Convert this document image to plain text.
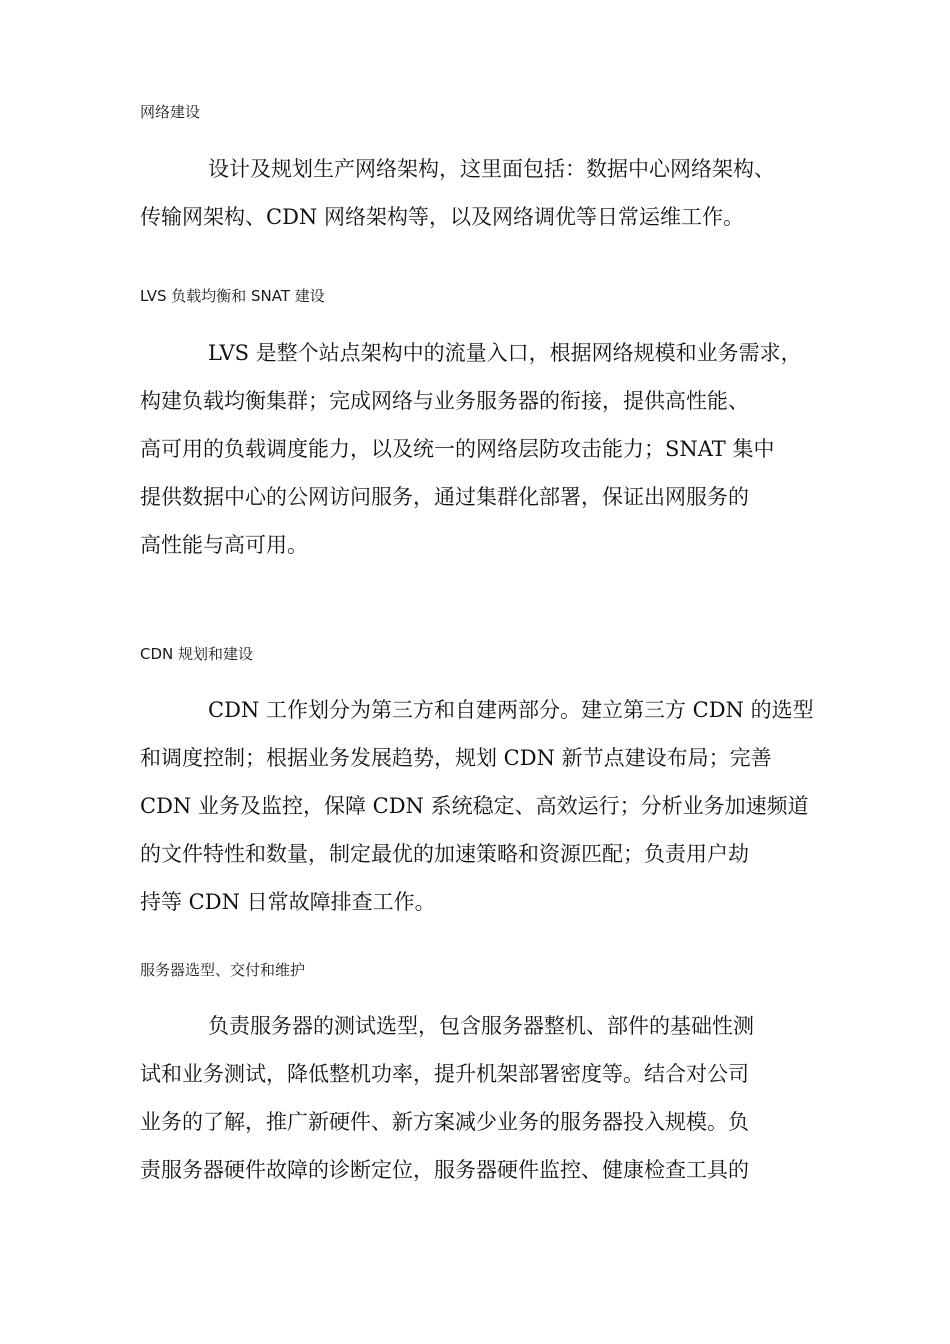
网络建设
设计及规划生产网络架构，这里面包括：数据中心网络架构、
传输网架构、CDN 网络架构等，以及网络调优等日常运维工作。
LVS 负载均衡和 SNAT 建设
LVS 是整个站点架构中的流量入口，根据网络规模和业务需求，
构建负载均衡集群；完成网络与业务服务器的衔接，提供高性能、
高可用的负载调度能力，以及统一的网络层防攻击能力；SNAT 集中
提供数据中心的公网访问服务，通过集群化部署，保证出网服务的
高性能与高可用。
CDN 规划和建设
CDN 工作划分为第三方和自建两部分。建立第三方 CDN 的选型
和调度控制；根据业务发展趋势，规划 CDN 新节点建设布局；完善
CDN 业务及监控，保障 CDN 系统稳定、高效运行；分析业务加速频道
的文件特性和数量，制定最优的加速策略和资源匹配；负责用户劫
持等 CDN 日常故障排查工作。
服务器选型、交付和维护
负责服务器的测试选型，包含服务器整机、部件的基础性测
试和业务测试，降低整机功率，提升机架部署密度等。结合对公司
业务的了解，推广新硬件、新方案减少业务的服务器投入规模。负
责服务器硬件故障的诊断定位，服务器硬件监控、健康检查工具的
